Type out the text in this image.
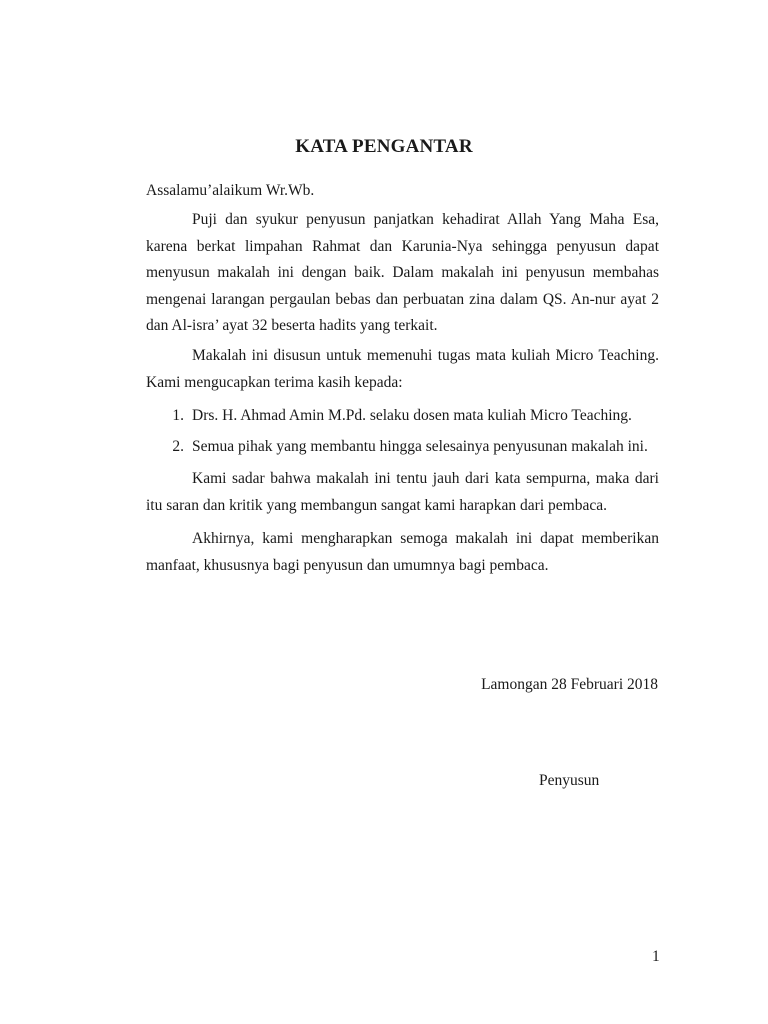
KATA PENGANTAR
Assalamu’alaikum Wr.Wb.

Puji dan syukur penyusun panjatkan kehadirat Allah Yang Maha Esa, karena berkat limpahan Rahmat dan Karunia-Nya sehingga penyusun dapat menyusun makalah ini dengan baik. Dalam makalah ini penyusun membahas mengenai larangan pergaulan bebas dan perbuatan zina dalam QS. An-nur ayat 2 dan Al-isra’ ayat 32 beserta hadits yang terkait.

Makalah ini disusun untuk memenuhi tugas mata kuliah Micro Teaching. Kami mengucapkan terima kasih kepada:

1. Drs. H. Ahmad Amin M.Pd. selaku dosen mata kuliah Micro Teaching.
2. Semua pihak yang membantu hingga selesainya penyusunan makalah ini.

Kami sadar bahwa makalah ini tentu jauh dari kata sempurna, maka dari itu saran dan kritik yang membangun sangat kami harapkan dari pembaca.

Akhirnya, kami mengharapkan semoga makalah ini dapat memberikan manfaat, khususnya bagi penyusun dan umumnya bagi pembaca.

Lamongan 28 Februari 2018
Penyusun
1
